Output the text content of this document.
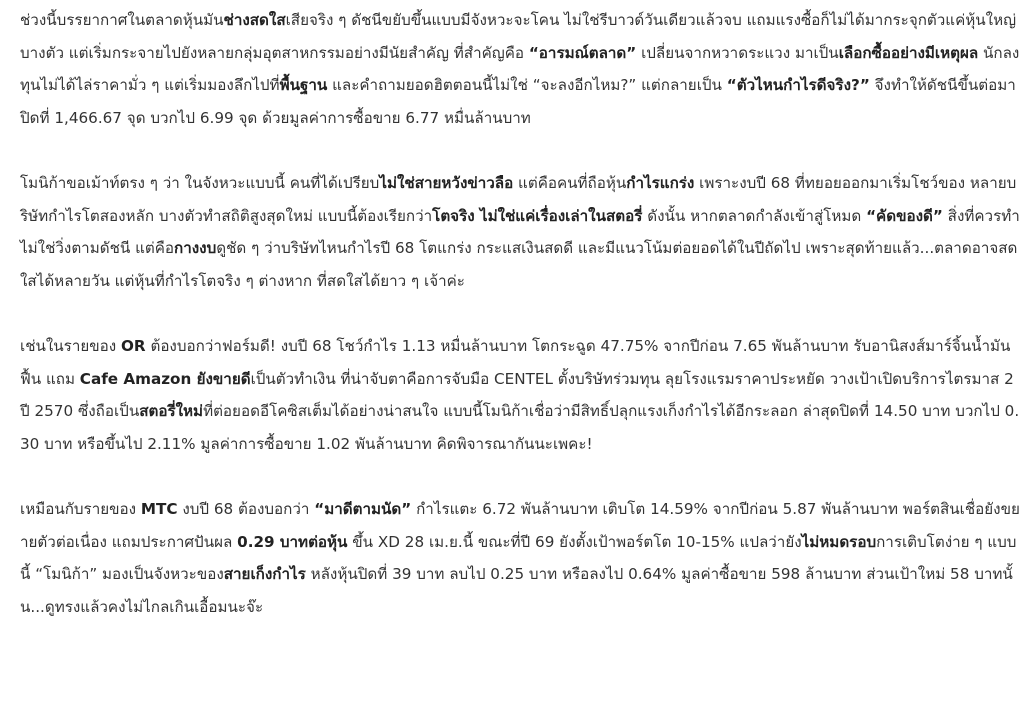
ช่วงนี้บรรยากาศในตลาดหุ้นมันช่างสดใสเสียจริง ๆ ดัชนีขยับขึ้นแบบมีจังหวะจะโคน ไม่ใช่รีบาวด์วันเดียวแล้วจบ แถมแรงซื้อก็ไม่ได้มากระจุกตัวแค่หุ้นใหญ่บางตัว แต่เริ่มกระจายไปยังหลายกลุ่มอุตสาหกรรมอย่างมีนัยสำคัญ ที่สำคัญคือ “อารมณ์ตลาด” เปลี่ยนจากหวาดระแวง มาเป็นเลือกซื้ออย่างมีเหตุผล นักลงทุนไม่ได้ไล่ราคามั่ว ๆ แต่เริ่มมองลึกไปที่พื้นฐาน และคำถามยอดฮิตตอนนี้ไม่ใช่ “จะลงอีกไหม?” แต่กลายเป็น “ตัวไหนกำไรดีจริง?” จึงทำให้ดัชนีขึ้นต่อมาปิดที่ 1,466.67 จุด บวกไป 6.99 จุด ด้วยมูลค่าการซื้อขาย 6.77 หมื่นล้านบาท

โมนิก้าขอเม้าท์ตรง ๆ ว่า ในจังหวะแบบนี้ คนที่ได้เปรียบไม่ใช่สายหวังข่าวลือ แต่คือคนที่ถือหุ้นกำไรแกร่ง เพราะงบปี 68 ที่ทยอยออกมาเริ่มโชว์ของ หลายบริษัทกำไรโตสองหลัก บางตัวทำสถิติสูงสุดใหม่ แบบนี้ต้องเรียกว่าโตจริง ไม่ใช่แค่เรื่องเล่าในสตอรี่ ดังนั้น หากตลาดกำลังเข้าสู่โหมด “คัดของดี” สิ่งที่ควรทำไม่ใช่วิ่งตามดัชนี แต่คือกางงบดูชัด ๆ ว่าบริษัทไหนกำไรปี 68 โตแกร่ง กระแสเงินสดดี และมีแนวโน้มต่อยอดได้ในปีถัดไป เพราะสุดท้ายแล้ว...ตลาดอาจสดใสได้หลายวัน แต่หุ้นที่กำไรโตจริง ๆ ต่างหาก ที่สดใสได้ยาว ๆ เจ้าค่ะ

เช่นในรายของ OR ต้องบอกว่าฟอร์มดี! งบปี 68 โชว์กำไร 1.13 หมื่นล้านบาท โตกระฉูด 47.75% จากปีก่อน 7.65 พันล้านบาท รับอานิสงส์มาร์จิ้นน้ำมันฟื้น แถม Cafe Amazon ยังขายดีเป็นตัวทำเงิน ที่น่าจับตาคือการจับมือ CENTEL ตั้งบริษัทร่วมทุน ลุยโรงแรมราคาประหยัด วางเป้าเปิดบริการไตรมาส 2 ปี 2570 ซึ่งถือเป็นสตอรี่ใหม่ที่ต่อยอดอีโคซิสเต็มได้อย่างน่าสนใจ แบบนี้โมนิก้าเชื่อว่ามีสิทธิ์ปลุกแรงเก็งกำไรได้อีกระลอก ล่าสุดปิดที่ 14.50 บาท บวกไป 0.30 บาท หรือขึ้นไป 2.11% มูลค่าการซื้อขาย 1.02 พันล้านบาท คิดพิจารณากันนะเพคะ!

เหมือนกับรายของ MTC งบปี 68 ต้องบอกว่า “มาดีตามนัด” กำไรแตะ 6.72 พันล้านบาท เติบโต 14.59% จากปีก่อน 5.87 พันล้านบาท พอร์ตสินเชื่อยังขยายตัวต่อเนื่อง แถมประกาศปันผล 0.29 บาทต่อหุ้น ขึ้น XD 28 เม.ย.นี้ ขณะที่ปี 69 ยังตั้งเป้าพอร์ตโต 10-15% แปลว่ายังไม่หมดรอบการเติบโตง่าย ๆ แบบนี้ “โมนิก้า” มองเป็นจังหวะของสายเก็งกำไร หลังหุ้นปิดที่ 39 บาท ลบไป 0.25 บาท หรือลงไป 0.64% มูลค่าซื้อขาย 598 ล้านบาท ส่วนเป้าใหม่ 58 บาทนั้น...ดูทรงแล้วคงไม่ไกลเกินเอื้อมนะจ๊ะ
